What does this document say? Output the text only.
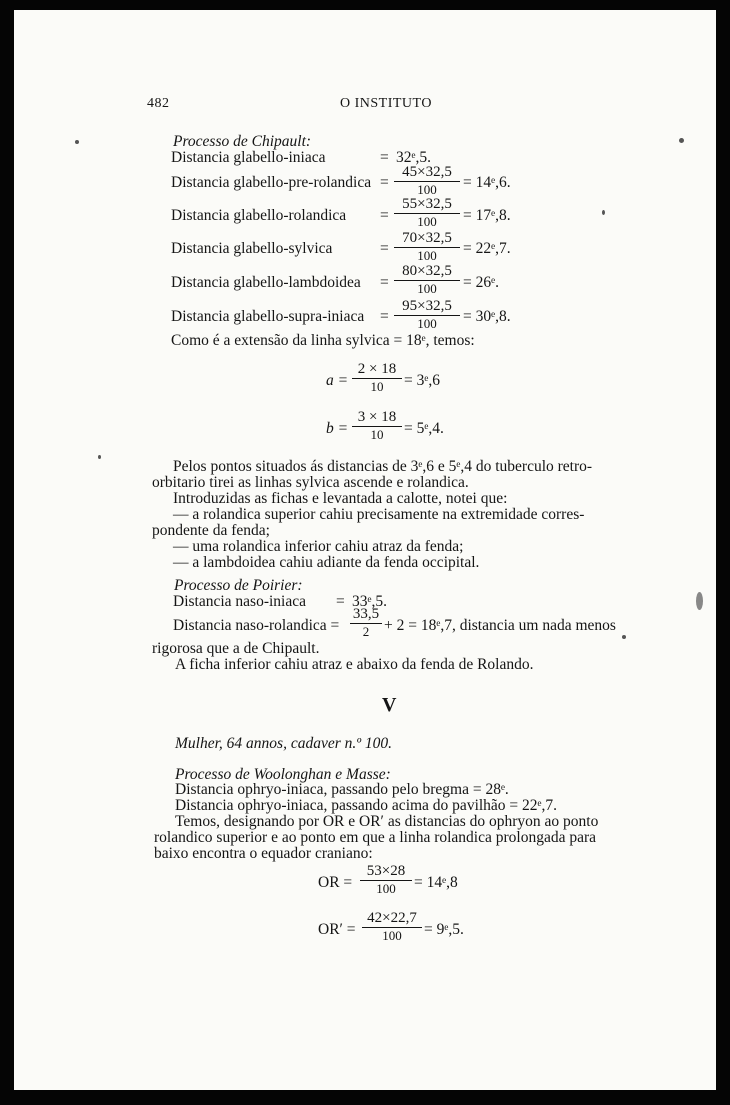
482	O INSTITUTO
Processo de Chipault:
Distancia glabello-iniaca	= 32ᵉ,5.
Distancia glabello-pre-rolandica = $\frac{45\times 32,5}{100}$ = 14ᵉ,6.
Distancia glabello-rolandica = $\frac{55\times 32,5}{100}$ = 17ᵉ,8.
Distancia glabello-sylvica	= $\frac{70\times 32,5}{100}$ = 22ᵉ,7.
Distancia glabello-lambdoidea = $\frac{80\times 32,5}{100}$ = 26ᵉ.
Distancia glabello-supra-iniaca = $\frac{95\times 32,5}{100}$ = 30ᵉ,8.
Como é a extensão da linha sylvica = 18ᵉ, temos:
$a = \frac{2 \times 18}{10}$ = 3ᵉ,6
$b = \frac{3 \times 18}{10}$ = 5ᵉ,4.
Pelos pontos situados ás distancias de 3ᵉ,6 e 5ᵉ,4 do tuberculo retro-
orbitario tirei as linhas sylvica ascende e rolandica.
Introduzidas as fichas e levantada a calotte, notei que:
— a rolandica superior cahiu precisamente na extremidade corres-
pondente da fenda;
— uma rolandica inferior cahiu atraz da fenda;
— a lambdoidea cahiu adiante da fenda occipital.
Processo de Poirier:
Distancia naso-iniaca = 33ᵉ,5.
Distancia naso-rolandica = $\frac{33,5}{2} + 2$ = 18ᵉ,7, distancia um nada menos
rigorosa que a de Chipault.
A ficha inferior cahiu atraz e abaixo da fenda de Rolando.
V
Mulher, 64 annos, cadaver n.º 100.
Processo de Woolonghan e Masse:
Distancia ophryo-iniaca, passando pelo bregma = 28ᵉ.
Distancia ophryo-iniaca, passando acima do pavilhão = 22ᵉ,7.
Temos, designando por OR e OR′ as distancias do ophryon ao ponto
rolandico superior e ao ponto em que a linha rolandica prolongada para
baixo encontra o equador craniano:
OR = $\frac{53\times 28}{100}$ = 14ᵉ,8
$OR' = \frac{42\times 22,7}{100}$ = 9ᵉ,5.
